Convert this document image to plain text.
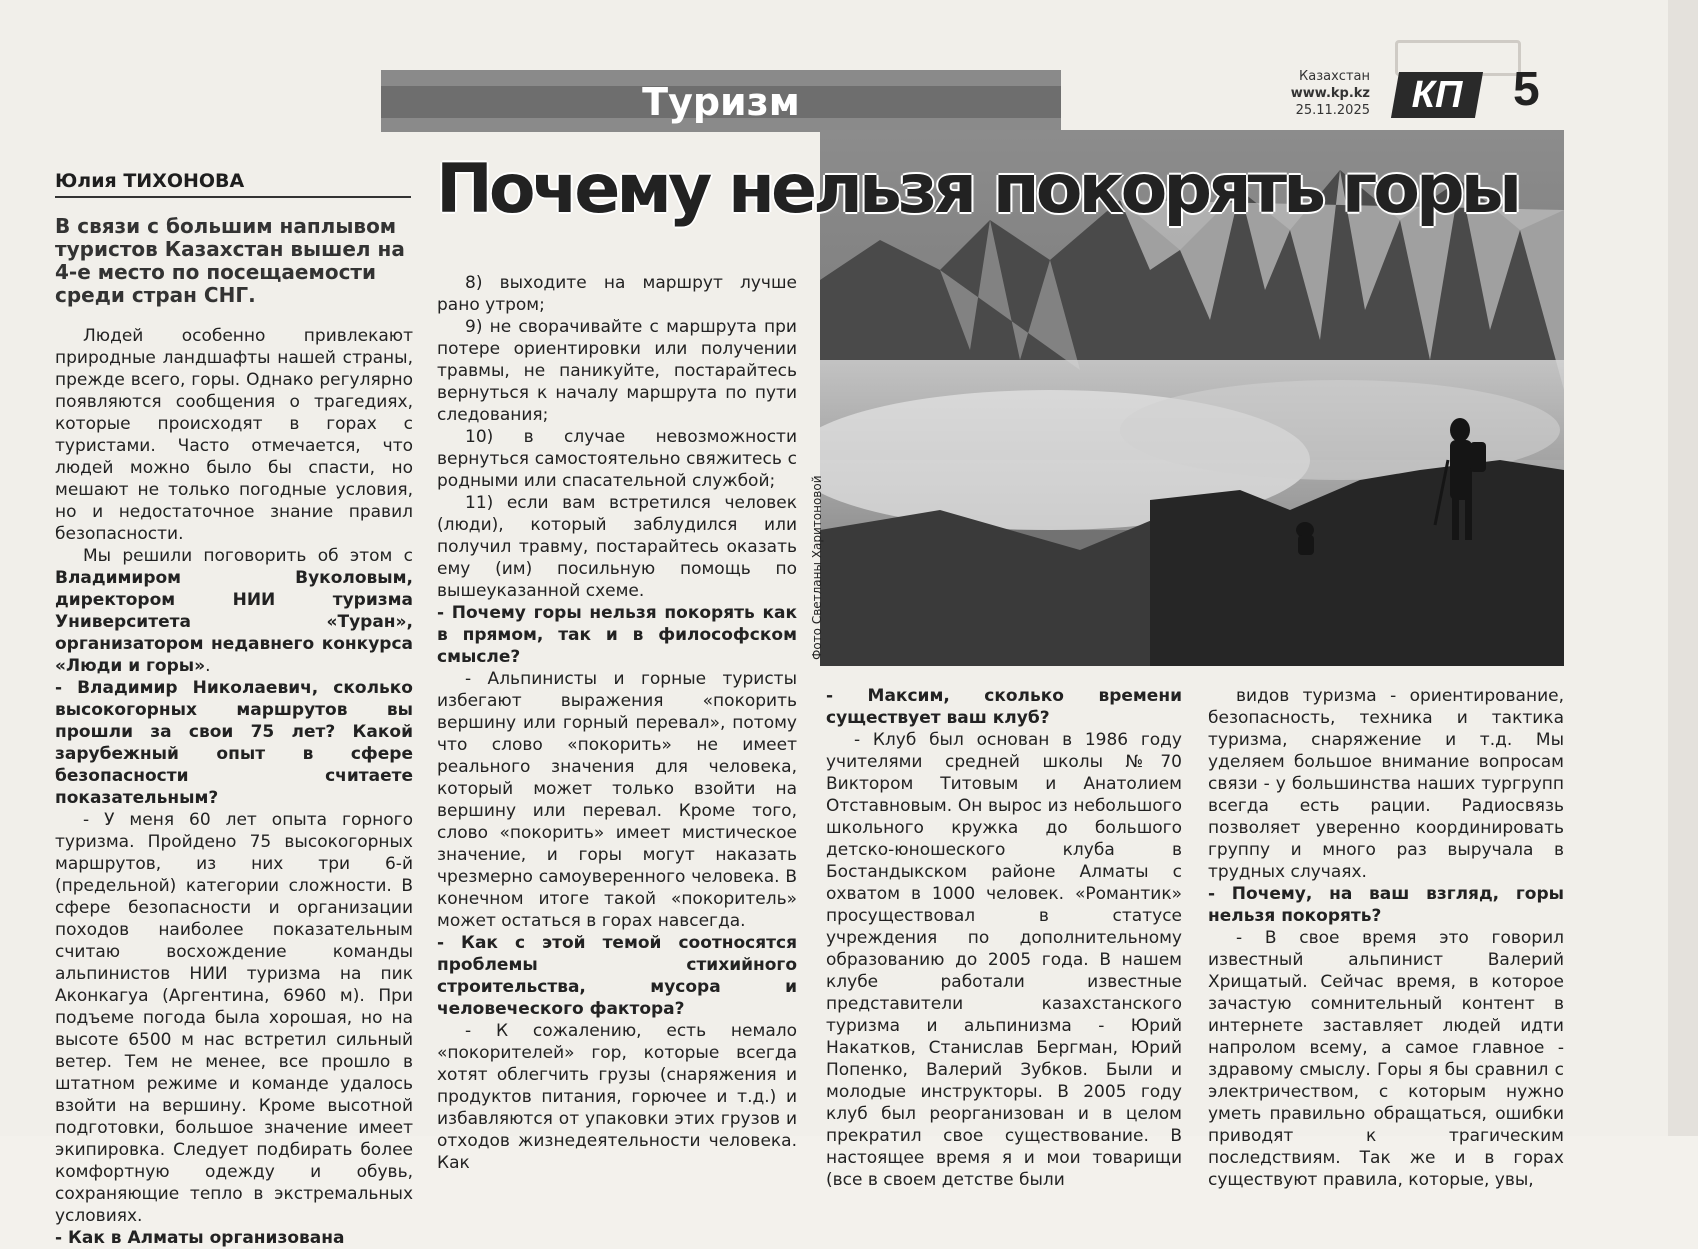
Туризм
Казахстан
www.kp.kz
25.11.2025	КП	5
Юлия ТИХОНОВА
В связи с большим наплывом туристов Казахстан вышел на 4-е место по посещаемости среди стран СНГ.
Фото Светланы Харитоновой
Почему нельзя покорять горы

Людей особенно привлекают природные ландшафты нашей страны, прежде всего, горы. Однако регулярно появляются сообщения о трагедиях, которые происходят в горах с туристами. Часто отмечается, что людей можно было бы спасти, но мешают не только погодные условия, но и недостаточное знание правил безопасности.

Мы решили поговорить об этом с Владимиром Вуколовым, директором НИИ туризма Университета «Туран», организатором недавнего конкурса «Люди и горы».

- Владимир Николаевич, сколько высокогорных маршрутов вы прошли за свои 75 лет? Какой зарубежный опыт в сфере безопасности считаете показательным?

- У меня 60 лет опыта горного туризма. Пройдено 75 высокогорных маршрутов, из них три 6-й (предельной) категории сложности. В сфере безопасности и организации походов наиболее показательным считаю восхождение команды альпинистов НИИ туризма на пик Аконкагуа (Аргентина, 6960 м). При подъеме погода была хорошая, но на высоте 6500 м нас встретил сильный ветер. Тем не менее, все прошло в штатном режиме и команде удалось взойти на вершину. Кроме высотной подготовки, большое значение имеет экипировка. Следует подбирать более комфортную одежду и обувь, сохраняющие тепло в экстремальных условиях.

- Как в Алматы организована

8) выходите на маршрут лучше рано утром;

9) не сворачивайте с маршрута при потере ориентировки или получении травмы, не паникуйте, постарайтесь вернуться к началу маршрута по пути следования;

10) в случае невозможности вернуться самостоятельно свяжитесь с родными или спасательной службой;

11) если вам встретился человек (люди), который заблудился или получил травму, постарайтесь оказать ему (им) посильную помощь по вышеуказанной схеме.

- Почему горы нельзя покорять как в прямом, так и в философском смысле?

- Альпинисты и горные туристы избегают выражения «покорить вершину или горный перевал», потому что слово «покорить» не имеет реального значения для человека, который может только взойти на вершину или перевал. Кроме того, слово «покорить» имеет мистическое значение, и горы могут наказать чрезмерно самоуверенного человека. В конечном итоге такой «покоритель» может остаться в горах навсегда.

- Как с этой темой соотносятся проблемы стихийного строительства, мусора и человеческого фактора?

- К сожалению, есть немало «покорителей» гор, которые всегда хотят облегчить грузы (снаряжения и продуктов питания, горючее и т.д.) и избавляются от упаковки этих грузов и отходов жизнедеятельности человека. Как

- Максим, сколько времени существует ваш клуб?

- Клуб был основан в 1986 году учителями средней школы №70 Виктором Титовым и Анатолием Отставновым. Он вырос из небольшого школьного кружка до большого детско-юношеского клуба в Бостандыкском районе Алматы с охватом в 1000 человек. «Романтик» просуществовал в статусе учреждения по дополнительному образованию до 2005 года. В нашем клубе работали известные представители казахстанского туризма и альпинизма - Юрий Накатков, Станислав Бергман, Юрий Попенко, Валерий Зубков. Были и молодые инструкторы. В 2005 году клуб был реорганизован и в целом прекратил свое существование. В настоящее время я и мои товарищи (все в своем детстве были

видов туризма - ориентирование, безопасность, техника и тактика туризма, снаряжение и т.д. Мы уделяем большое внимание вопросам связи - у большинства наших тургрупп всегда есть рации. Радиосвязь позволяет уверенно координировать группу и много раз выручала в трудных случаях.

- Почему, на ваш взгляд, горы нельзя покорять?

- В свое время это говорил известный альпинист Валерий Хрищатый. Сейчас время, в которое зачастую сомнительный контент в интернете заставляет людей идти напролом всему, а самое главное - здравому смыслу. Горы я бы сравнил с электричеством, с которым нужно уметь правильно обращаться, ошибки приводят к трагическим последствиям. Так же и в горах существуют правила, которые, увы,
